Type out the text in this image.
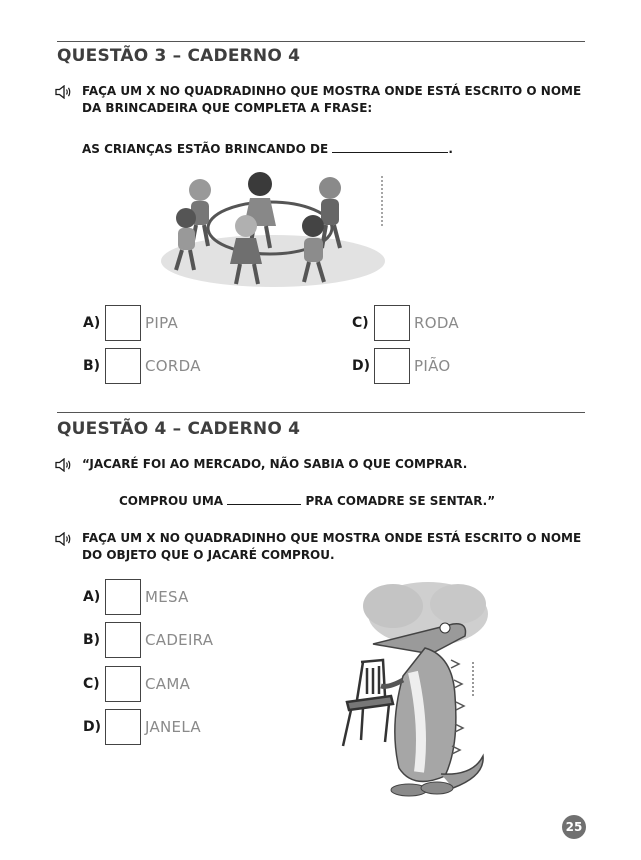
QUESTÃO 3 – CADERNO 4
FAÇA UM X NO QUADRADINHO QUE MOSTRA ONDE ESTÁ ESCRITO O NOME DA BRINCADEIRA QUE COMPLETA A FRASE:
AS CRIANÇAS ESTÃO BRINCANDO DE	.
A)	PIPA
B)	CORDA
C)	RODA
D)	PIÃO
QUESTÃO 4 – CADERNO 4
“JACARÉ FOI AO MERCADO, NÃO SABIA O QUE COMPRAR.
COMPROU UMA	PRA COMADRE SE SENTAR.”
FAÇA UM X NO QUADRADINHO QUE MOSTRA ONDE ESTÁ ESCRITO O NOME DO OBJETO QUE O JACARÉ COMPROU.
A)	MESA
B)	CADEIRA
C)	CAMA
D)	JANELA
25
